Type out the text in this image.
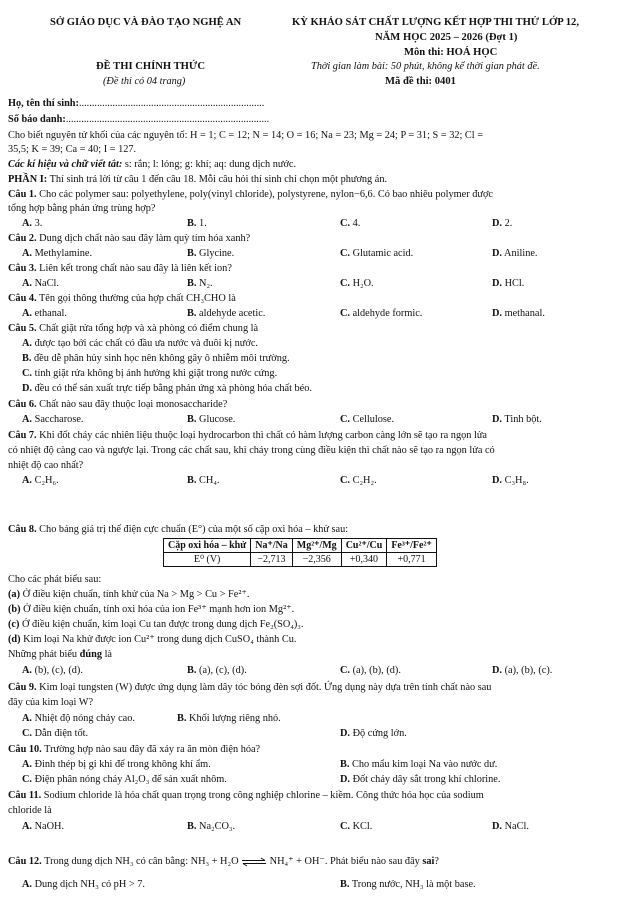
SỞ GIÁO DỤC VÀ ĐÀO TẠO NGHỆ AN	KỲ KHẢO SÁT CHẤT LƯỢNG KẾT HỢP THI THỬ LỚP 12,
NĂM HỌC 2025 – 2026 (Đợt 1)
Môn thi: HOÁ HỌC
ĐỀ THI CHÍNH THỨC	Thời gian làm bài: 50 phút, không kể thời gian phát đề.
(Đề thi có 04 trang)	Mã đề thi: 0401
Họ, tên thí sinh:........................................................................
Số báo danh:...............................................................................
Cho biết nguyên tử khối của các nguyên tố: H = 1; C = 12; N = 14; O = 16; Na = 23; Mg = 24; P = 31; S = 32; Cl =
35,5; K = 39; Ca = 40; I = 127.
Các kí hiệu và chữ viết tắt: s: rắn; l: lỏng; g: khí; aq: dung dịch nước.
PHẦN I: Thí sinh trả lời từ câu 1 đến câu 18. Mỗi câu hỏi thí sinh chỉ chọn một phương án.
Câu 1. Cho các polymer sau: polyethylene, poly(vinyl chloride), polystyrene, nylon−6,6. Có bao nhiêu polymer được
tổng hợp bằng phản ứng trùng hợp?
A. 3.	B. 1.	C. 4.	D. 2.
Câu 2. Dung dịch chất nào sau đây làm quỳ tím hóa xanh?
A. Methylamine.	B. Glycine.	C. Glutamic acid.	D. Aniline.
Câu 3. Liên kết trong chất nào sau đây là liên kết ion?
A. NaCl.	B. N₂.	C. H₂O.	D. HCl.
Câu 4. Tên gọi thông thường của hợp chất CH₃CHO là
A. ethanal.	B. aldehyde acetic.	C. aldehyde formic.	D. methanal.
Câu 5. Chất giặt rửa tổng hợp và xà phòng có điểm chung là
A. được tạo bởi các chất có đầu ưa nước và đuôi kị nước.
B. đều dễ phân hủy sinh học nên không gây ô nhiễm môi trường.
C. tính giặt rửa không bị ảnh hưởng khi giặt trong nước cứng.
D. đều có thể sản xuất trực tiếp bằng phản ứng xà phòng hóa chất béo.
Câu 6. Chất nào sau đây thuộc loại monosaccharide?
A. Saccharose.	B. Glucose.	C. Cellulose.	D. Tinh bột.
Câu 7. Khi đốt cháy các nhiên liệu thuộc loại hydrocarbon thì chất có hàm lượng carbon càng lớn sẽ tạo ra ngọn lửa
có nhiệt độ càng cao và ngược lại. Trong các chất sau, khi cháy trong cùng điều kiện thì chất nào sẽ tạo ra ngọn lửa có
nhiệt độ cao nhất?
A. C₂H₆.	B. CH₄.	C. C₂H₂.	D. C₃H₈.
Câu 8. Cho bảng giá trị thế điện cực chuẩn (E°) của một số cặp oxi hóa – khử sau:
Cặp oxi hóa – khử	Na⁺/Na	Mg²⁺/Mg	Cu²⁺/Cu	Fe³⁺/Fe²⁺
E⁰ (V)	−2,713	−2,356	+0,340	+0,771
Cho các phát biểu sau:
(a) Ở điều kiện chuẩn, tính khử của Na > Mg > Cu > Fe²⁺.
(b) Ở điều kiện chuẩn, tính oxi hóa của ion Fe³⁺ mạnh hơn ion Mg²⁺.
(c) Ở điều kiện chuẩn, kim loại Cu tan được trong dung dịch Fe₂(SO₄)₃.
(d) Kim loại Na khử được ion Cu²⁺ trong dung dịch CuSO₄ thành Cu.
Những phát biểu đúng là
A. (b), (c), (d).	B. (a), (c), (d).	C. (a), (b), (d).	D. (a), (b), (c).
Câu 9. Kim loại tungsten (W) được ứng dụng làm dây tóc bóng đèn sợi đốt. Ứng dụng này dựa trên tính chất nào sau
đây của kim loại W?
A. Nhiệt độ nóng chảy cao.	B. Khối lượng riêng nhỏ.
C. Dẫn điện tốt.	D. Độ cứng lớn.
Câu 10. Trường hợp nào sau đây đã xảy ra ăn mòn điện hóa?
A. Đinh thép bị gỉ khi để trong không khí ẩm.	B. Cho mẩu kim loại Na vào nước dư.
C. Điện phân nóng chảy Al₂O₃ để sản xuất nhôm.	D. Đốt cháy dây sắt trong khí chlorine.
Câu 11. Sodium chloride là hóa chất quan trọng trong công nghiệp chlorine – kiềm. Công thức hóa học của sodium
chloride là
A. NaOH.	B. Na₂CO₃.	C. KCl.	D. NaCl.
Câu 12. Trong dung dịch NH₃ có cân bằng: NH₃ + H₂O ⇌ NH₄⁺ + OH⁻. Phát biểu nào sau đây sai?
A. Dung dịch NH₃ có pH > 7.	B. Trong nước, NH₃ là một base.
